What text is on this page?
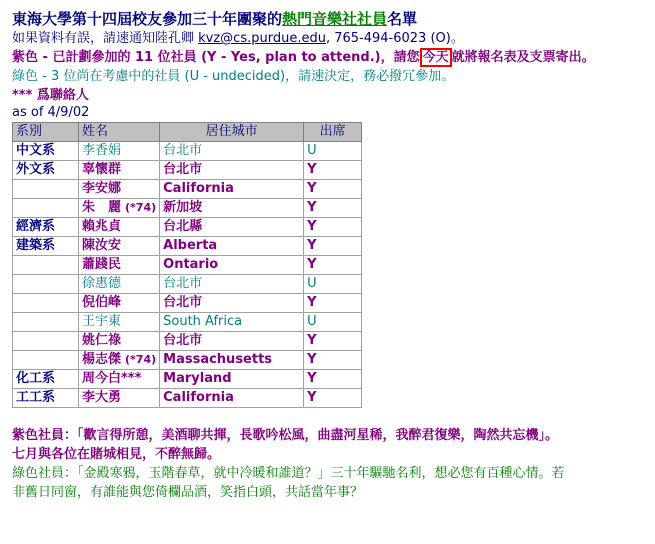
東海大學第十四屆校友參加三十年團聚的熱門音樂社社員名單
如果資料有誤，請速通知陸孔卿 kvz@cs.purdue.edu, 765-494-6023 (O)。
紫色 - 已計劃參加的 11 位社員 (Y - Yes, plan to attend.)，請您 今天 就將報名表及支票寄出。
綠色 - 3 位尚在考慮中的社員 (U - undecided)，請速決定，務必撥冗參加。
*** 爲聯絡人
as of 4/9/02
系別	姓名	居住城市	出席
中文系	李香娟	台北市	U
外文系	辜懷群	台北市	Y
	李安娜	California	Y
	朱　麗 (*74)	新加坡	Y
經濟系	賴兆貞	台北縣	Y
建築系	陳汝安	Alberta	Y
	蕭踐民	Ontario	Y
	徐惠德	台北市	U
	倪伯峰	台北市	Y
	王宇東	South Africa	U
	姚仁祿	台北市	Y
	楊志傑 (*74)	Massachusetts	Y
化工系	周今白***	Maryland	Y
工工系	李大勇	California	Y
紫色社員：「歡言得所憩，美酒聊共揮，長歌吟松風，曲盡河星稀，我醉君復樂，陶然共忘機」。
七月與各位在賭城相見，不醉無歸。
綠色社員：「金殿寒鴉，玉階春草，就中冷暖和誰道？」三十年驅馳名利，想必您有百種心情。若
非舊日同窗，有誰能與您倚欄品酒，笑指白頭，共話當年事？
